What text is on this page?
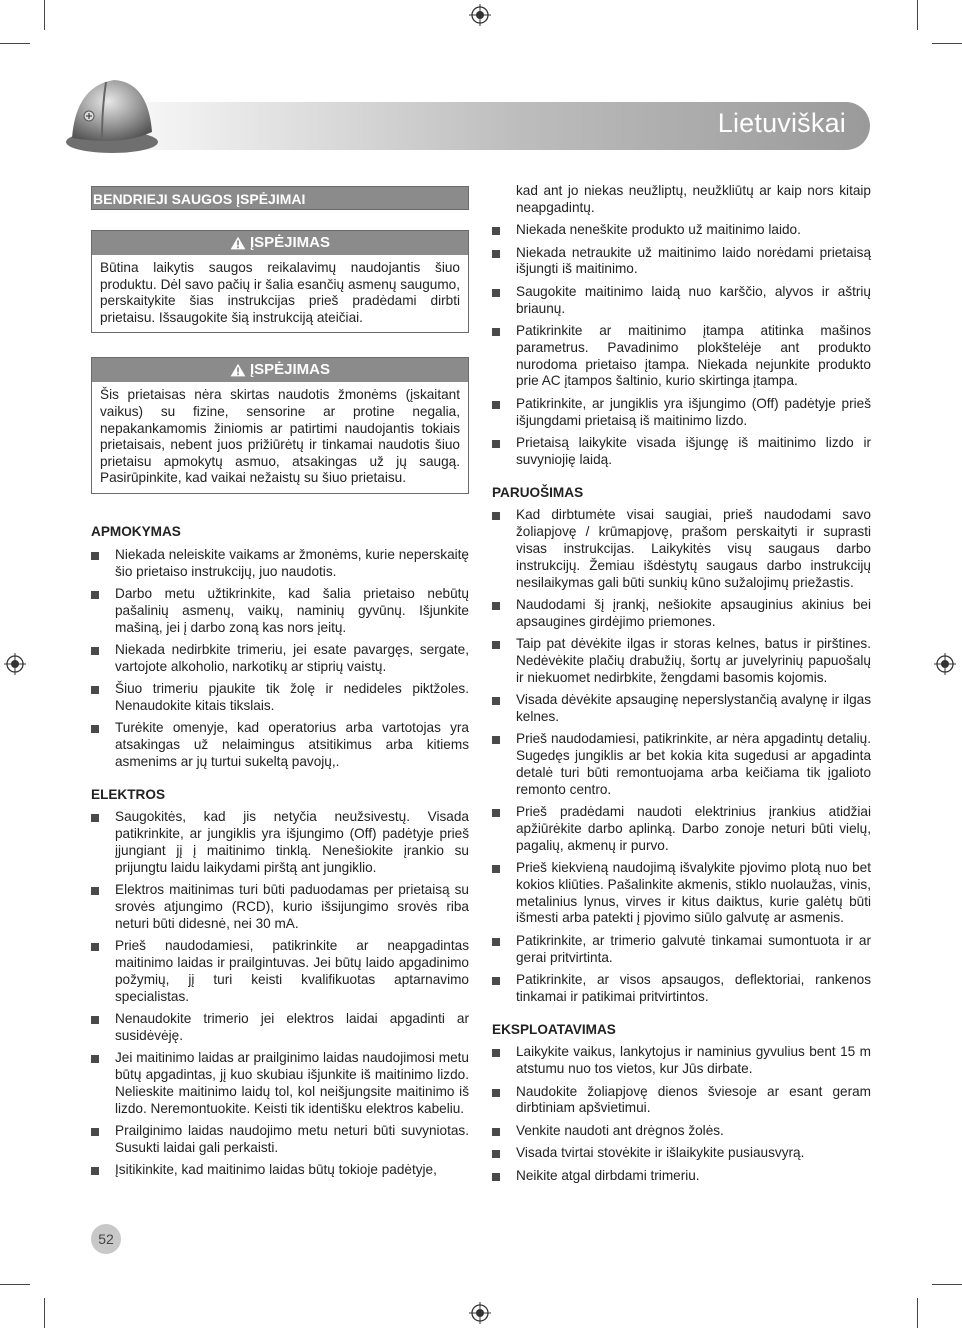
Lietuviškai
BENDRIEJI SAUGOS ĮSPĖJIMAI
ĮSPĖJIMAS
Būtina laikytis saugos reikalavimų naudojantis šiuo produktu. Dėl savo pačių ir šalia esančių asmenų saugumo, perskaitykite šias instrukcijas prieš pradėdami dirbti prietaisu. Išsaugokite šią instrukciją ateičiai.
ĮSPĖJIMAS
Šis prietaisas nėra skirtas naudotis žmonėms (įskaitant vaikus) su fizine, sensorine ar protine negalia, nepakankamomis žiniomis ar patirtimi naudojantis tokiais prietaisais, nebent juos prižiūrėtų ir tinkamai naudotis šiuo prietaisu apmokytų asmuo, atsakingas už jų saugą. Pasirūpinkite, kad vaikai nežaistų su šiuo prietaisu.
APMOKYMAS
Niekada neleiskite vaikams ar žmonėms, kurie neperskaitę šio prietaiso instrukcijų, juo naudotis.
Darbo metu užtikrinkite, kad šalia prietaiso nebūtų pašalinių asmenų, vaikų, naminių gyvūnų. Išjunkite mašiną, jei į darbo zoną kas nors įeitų.
Niekada nedirbkite trimeriu, jei esate pavargęs, sergate, vartojote alkoholio, narkotikų ar stiprių vaistų.
Šiuo trimeriu pjaukite tik žolę ir nedideles piktžoles. Nenaudokite kitais tikslais.
Turėkite omenyje, kad operatorius arba vartotojas yra atsakingas už nelaimingus atsitikimus arba kitiems asmenims ar jų turtui sukeltą pavojų,.
ELEKTROS
Saugokitės, kad jis netyčia neužsivestų. Visada patikrinkite, ar jungiklis yra išjungimo (Off) padėtyje prieš įjungiant jį į maitinimo tinklą. Nenešiokite įrankio su prijungtu laidu laikydami pirštą ant jungiklio.
Elektros maitinimas turi būti paduodamas per prietaisą su srovės atjungimo (RCD), kurio išsijungimo srovės riba neturi būti didesnė, nei 30 mA.
Prieš naudodamiesi, patikrinkite ar neapgadintas maitinimo laidas ir prailgintuvas. Jei būtų laido apgadinimo požymių, jį turi keisti kvalifikuotas aptarnavimo specialistas.
Nenaudokite trimerio jei elektros laidai apgadinti ar susidėvėję.
Jei maitinimo laidas ar prailginimo laidas naudojimosi metu būtų apgadintas, jį kuo skubiau išjunkite iš maitinimo lizdo. Nelieskite maitinimo laidų tol, kol neišjungsite maitinimo iš lizdo. Neremontuokite. Keisti tik identišku elektros kabeliu.
Prailginimo laidas naudojimo metu neturi būti suvyniotas. Susukti laidai gali perkaisti.
Įsitikinkite, kad maitinimo laidas būtų tokioje padėtyje,
kad ant jo niekas neužliptų, neužkliūtų ar kaip nors kitaip neapgadintų.
Niekada neneškite produkto už maitinimo laido.
Niekada netraukite už maitinimo laido norėdami prietaisą išjungti iš maitinimo.
Saugokite maitinimo laidą nuo karščio, alyvos ir aštrių briaunų.
Patikrinkite ar maitinimo įtampa atitinka mašinos parametrus. Pavadinimo plokštelėje ant produkto nurodoma prietaiso įtampa. Niekada nejunkite produkto prie AC įtampos šaltinio, kurio skirtinga įtampa.
Patikrinkite, ar jungiklis yra išjungimo (Off) padėtyje prieš išjungdami prietaisą iš maitinimo lizdo.
Prietaisą laikykite visada išjungę iš maitinimo lizdo ir suvyniojię laidą.
PARUOŠIMAS
Kad dirbtumėte visai saugiai, prieš naudodami savo žoliapjovę / krūmapjovę, prašom perskaityti ir suprasti visas instrukcijas. Laikykitės visų saugaus darbo instrukcijų. Žemiau išdėstytų saugaus darbo instrukcijų nesilaikymas gali būti sunkių kūno sužalojimų priežastis.
Naudodami šį įrankį, nešiokite apsauginius akinius bei apsaugines girdėjimo priemones.
Taip pat dėvėkite ilgas ir storas kelnes, batus ir pirštines. Nedėvėkite plačių drabužių, šortų ar juvelyrinių papuošalų ir niekuomet nedirbkite, žengdami basomis kojomis.
Visada dėvėkite apsauginę neperslystančią avalynę ir ilgas kelnes.
Prieš naudodamiesi, patikrinkite, ar nėra apgadintų detalių. Sugedęs jungiklis ar bet kokia kita sugedusi ar apgadinta detalė turi būti remontuojama arba keičiama tik įgalioto remonto centro.
Prieš pradėdami naudoti elektrinius įrankius atidžiai apžiūrėkite darbo aplinką. Darbo zonoje neturi būti vielų, pagalių, akmenų ir purvo.
Prieš kiekvieną naudojimą išvalykite pjovimo plotą nuo bet kokios kliūties. Pašalinkite akmenis, stiklo nuolaužas, vinis, metalinius lynus, virves ir kitus daiktus, kurie galėtų būti išmesti arba patekti į pjovimo siūlo galvutę ar asmenis.
Patikrinkite, ar trimerio galvutė tinkamai sumontuota ir ar gerai pritvirtinta.
Patikrinkite, ar visos apsaugos, deflektoriai, rankenos tinkamai ir patikimai pritvirtintos.
EKSPLOATAVIMAS
Laikykite vaikus, lankytojus ir naminius gyvulius bent 15 m atstumu nuo tos vietos, kur Jūs dirbate.
Naudokite žoliapjovę dienos šviesoje ar esant geram dirbtiniam apšvietimui.
Venkite naudoti ant drėgnos žolės.
Visada tvirtai stovėkite ir išlaikykite pusiausvyrą.
Neikite atgal dirbdami trimeriu.
52
